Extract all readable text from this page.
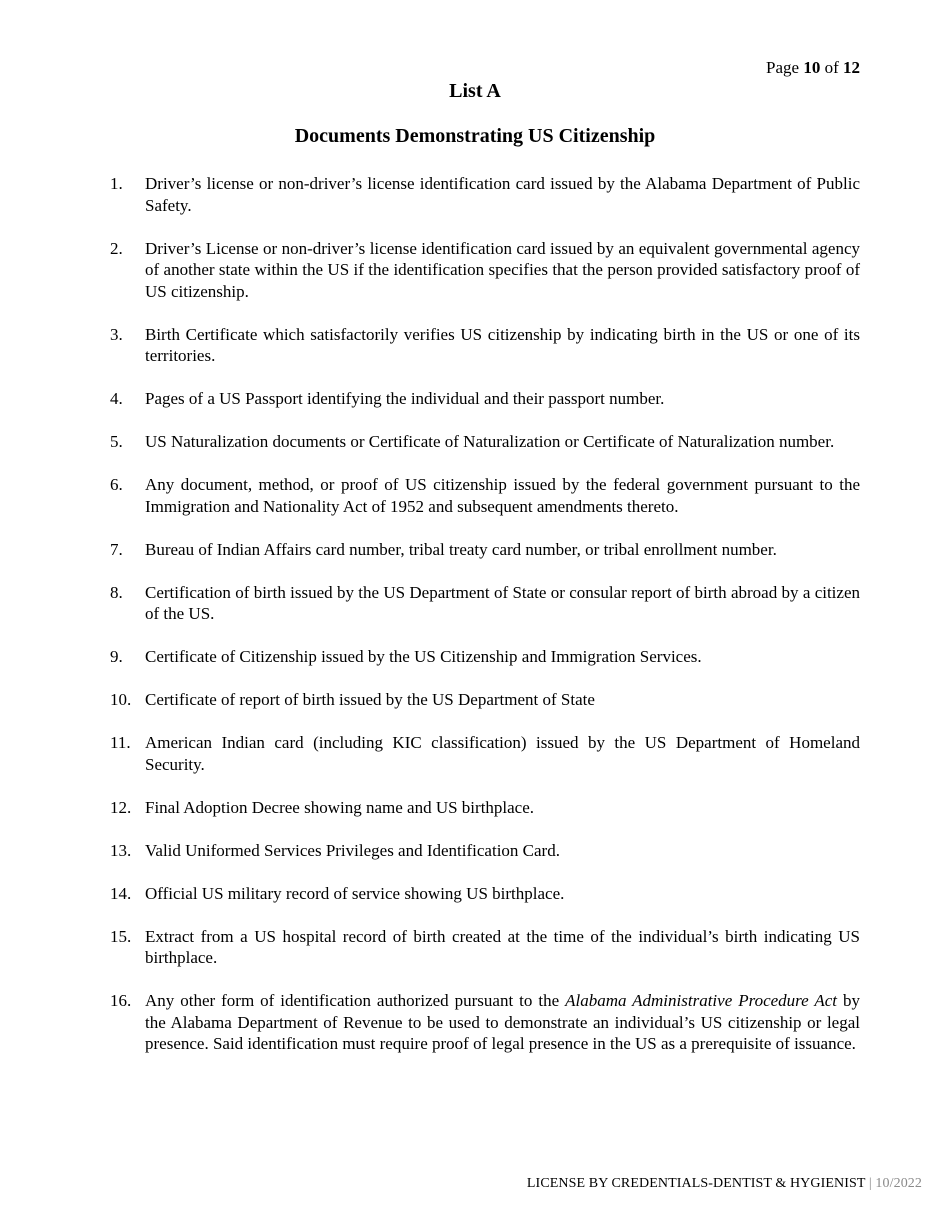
Page 10 of 12
List A
Documents Demonstrating US Citizenship
1.	Driver’s license or non-driver’s license identification card issued by the Alabama Department of Public Safety.
2.	Driver’s License or non-driver’s license identification card issued by an equivalent governmental agency of another state within the US if the identification specifies that the person provided satisfactory proof of US citizenship.
3.	Birth Certificate which satisfactorily verifies US citizenship by indicating birth in the US or one of its territories.
4.	Pages of a US Passport identifying the individual and their passport number.
5.	US Naturalization documents or Certificate of Naturalization or Certificate of Naturalization number.
6.	Any document, method, or proof of US citizenship issued by the federal government pursuant to the Immigration and Nationality Act of 1952 and subsequent amendments thereto.
7.	Bureau of Indian Affairs card number, tribal treaty card number, or tribal enrollment number.
8.	Certification of birth issued by the US Department of State or consular report of birth abroad by a citizen of the US.
9.	Certificate of Citizenship issued by the US Citizenship and Immigration Services.
10. Certificate of report of birth issued by the US Department of State
11. American Indian card (including KIC classification) issued by the US Department of Homeland Security.
12. Final Adoption Decree showing name and US birthplace.
13. Valid Uniformed Services Privileges and Identification Card.
14. Official US military record of service showing US birthplace.
15. Extract from a US hospital record of birth created at the time of the individual’s birth indicating US birthplace.
16. Any other form of identification authorized pursuant to the Alabama Administrative Procedure Act by the Alabama Department of Revenue to be used to demonstrate an individual’s US citizenship or legal presence. Said identification must require proof of legal presence in the US as a prerequisite of issuance.
LICENSE BY CREDENTIALS-DENTIST & HYGIENIST | 10/2022
